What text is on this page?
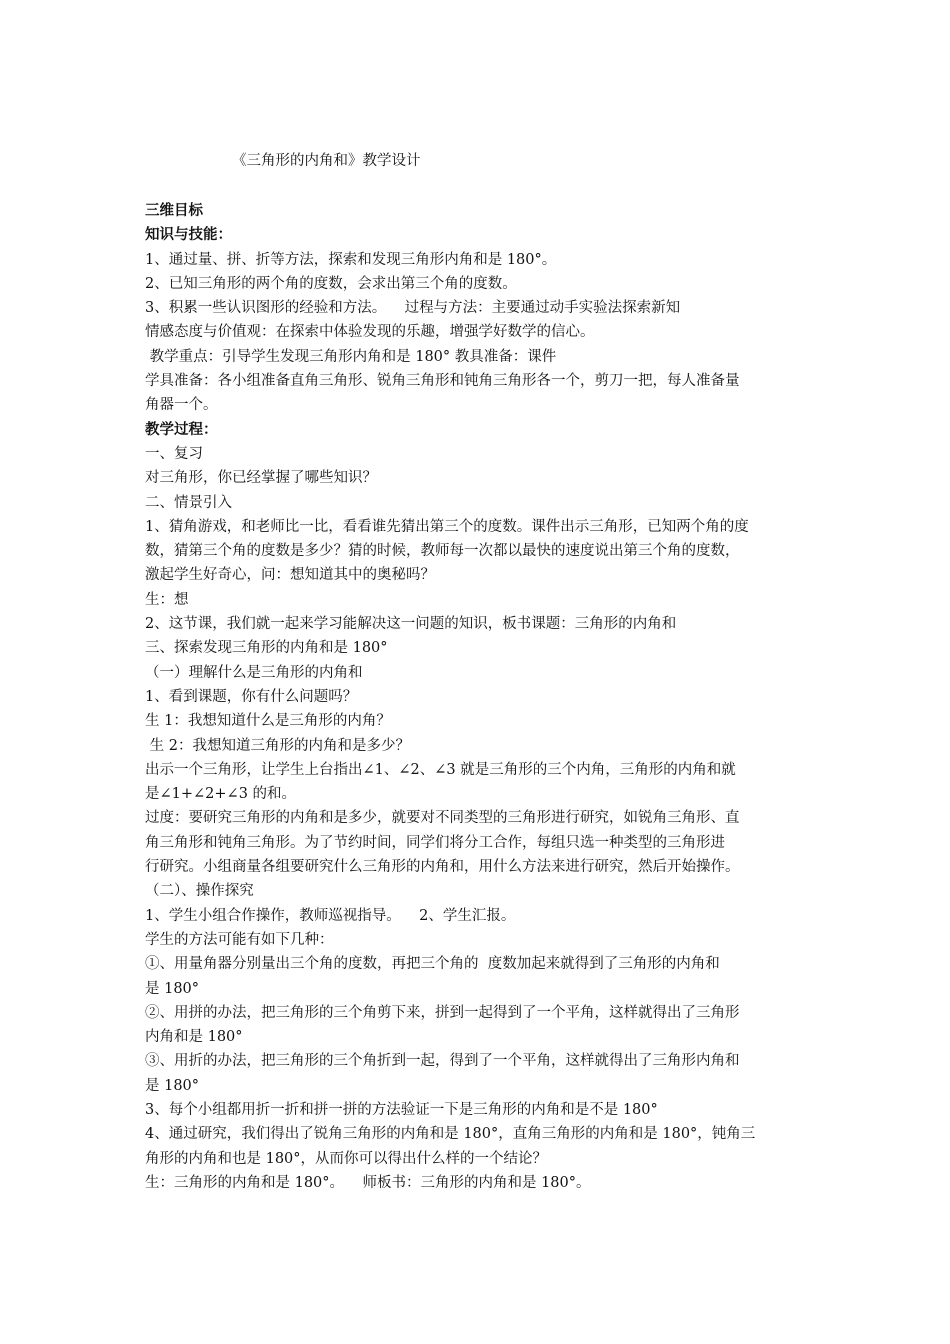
《三角形的内角和》教学设计
三维目标
知识与技能：
1、通过量、拼、折等方法，探索和发现三角形内角和是 180°。
2、已知三角形的两个角的度数，会求出第三个角的度数。
3、积累一些认识图形的经验和方法。    过程与方法：主要通过动手实验法探索新知
情感态度与价值观：在探索中体验发现的乐趣，增强学好数学的信心。
教学重点：引导学生发现三角形内角和是 180° 教具准备：课件
学具准备：各小组准备直角三角形、锐角三角形和钝角三角形各一个，剪刀一把，每人准备量
角器一个。
教学过程：
一、复习
对三角形，你已经掌握了哪些知识？
二、情景引入
1、猜角游戏，和老师比一比，看看谁先猜出第三个的度数。课件出示三角形，已知两个角的度
数，猜第三个角的度数是多少？猜的时候，教师每一次都以最快的速度说出第三个角的度数，
激起学生好奇心，问：想知道其中的奥秘吗？
生：想
2、这节课，我们就一起来学习能解决这一问题的知识，板书课题：三角形的内角和
三、探索发现三角形的内角和是 180°
（一）理解什么是三角形的内角和
1、看到课题，你有什么问题吗？
生 1：我想知道什么是三角形的内角？
生 2：我想知道三角形的内角和是多少？
出示一个三角形，让学生上台指出∠1、∠2、∠3 就是三角形的三个内角，三角形的内角和就
是∠1+∠2+∠3 的和。
过度：要研究三角形的内角和是多少，就要对不同类型的三角形进行研究，如锐角三角形、直
角三角形和钝角三角形。为了节约时间，同学们将分工合作，每组只选一种类型的三角形进
行研究。小组商量各组要研究什么三角形的内角和，用什么方法来进行研究，然后开始操作。
（二）、操作探究
1、学生小组合作操作，教师巡视指导。    2、学生汇报。
学生的方法可能有如下几种：
①、用量角器分别量出三个角的度数，再把三个角的  度数加起来就得到了三角形的内角和
是 180°
②、用拼的办法，把三角形的三个角剪下来，拼到一起得到了一个平角，这样就得出了三角形
内角和是 180°
③、用折的办法，把三角形的三个角折到一起，得到了一个平角，这样就得出了三角形内角和
是 180°
3、每个小组都用折一折和拼一拼的方法验证一下是三角形的内角和是不是 180°
4、通过研究，我们得出了锐角三角形的内角和是 180°，直角三角形的内角和是 180°，钝角三
角形的内角和也是 180°，从而你可以得出什么样的一个结论？
生：三角形的内角和是 180°。    师板书：三角形的内角和是 180°。
